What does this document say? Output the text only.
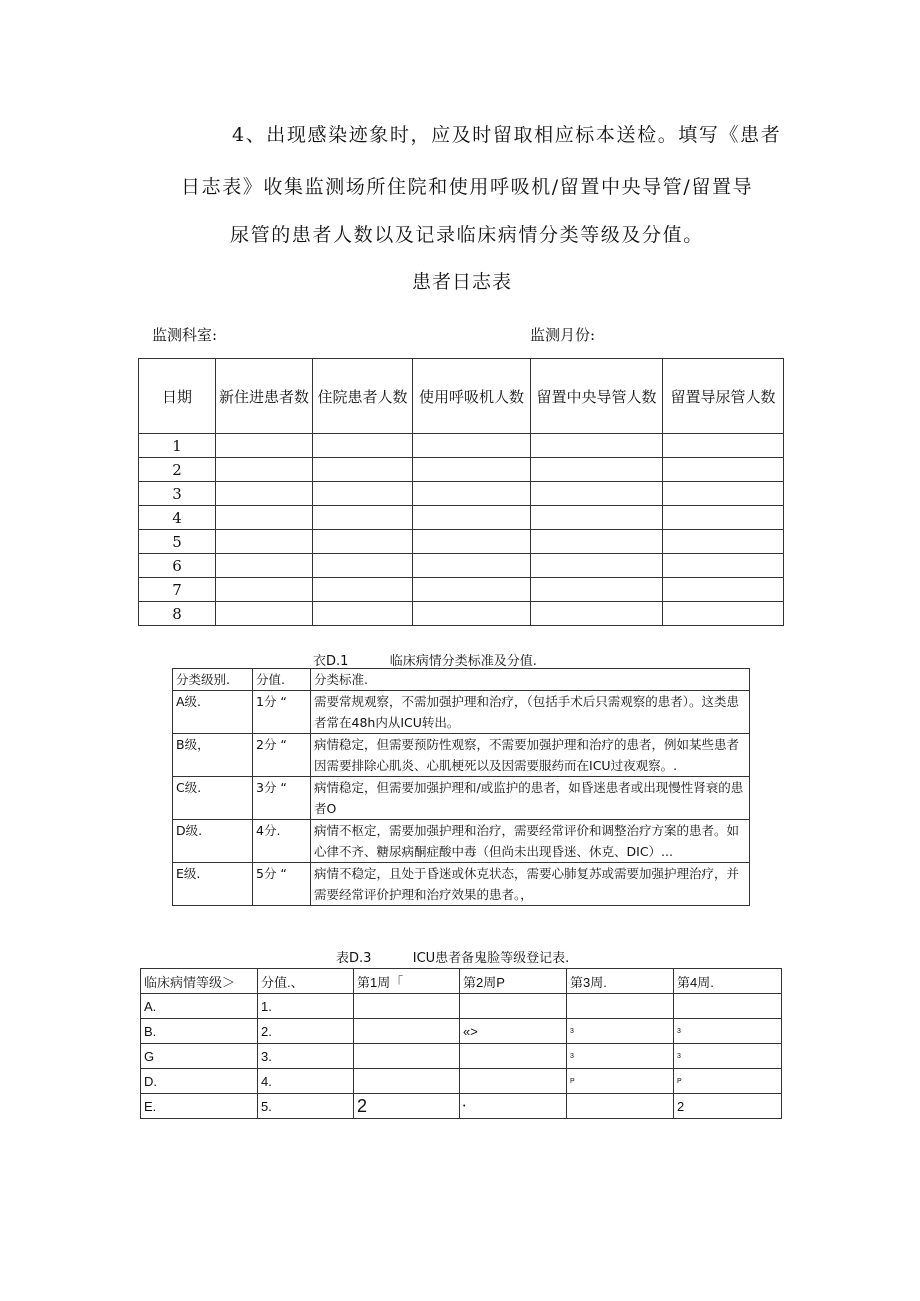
4、出现感染迹象时，应及时留取相应标本送检。填写《患者
日志表》收集监测场所住院和使用呼吸机/留置中央导管/留置导
尿管的患者人数以及记录临床病情分类等级及分值。
患者日志表
监测科室:	监测月份:
日期	新住进患者数	住院患者人数	使用呼吸机人数	留置中央导管人数	留置导尿管人数
1					
2					
3					
4					
5					
6					
7					
8					
衣D.1	临床病情分类标准及分值.
分类级别.	分值.	分类标准.
A级.	1分 “	需要常规观察，不需加强护理和治疗，（包括手术后只需观察的患者）。这类患者常在48h内从ICU转出。
B级，	2分 “	病情稳定，但需要预防性观察，不需要加强护理和治疗的患者，例如某些患者因需要排除心肌炎、心肌梗死以及因需要服药而在ICU过夜观察。.
C级.	3分 “	病情稳定，但需要加强护理和/或监护的患者，如昏迷患者或出现慢性肾衰的患者O
D级.	4分.	病情不枢定，需要加强护理和治疗，需要经常评价和调整治疗方案的患者。如心律不齐、糖尿病酮症酸中毒（但尚未出现昏迷、休克、DIC）...
E级.	5分 “	病情不稳定，且处于昏迷或休克状态，需要心肺复苏或需要加强护理治疗，并需要经常评价护理和治疗效果的患者。，
表D.3	ICU患者备鬼脸等级登记表.
临床病情等级＞	分值.、	第1周「	第2周P	第3周.	第4周.
A.	1.				
B.	2.		«>	3	3
G	3.			3	3
D.	4.			P	P
E.	5.	2	•		2
